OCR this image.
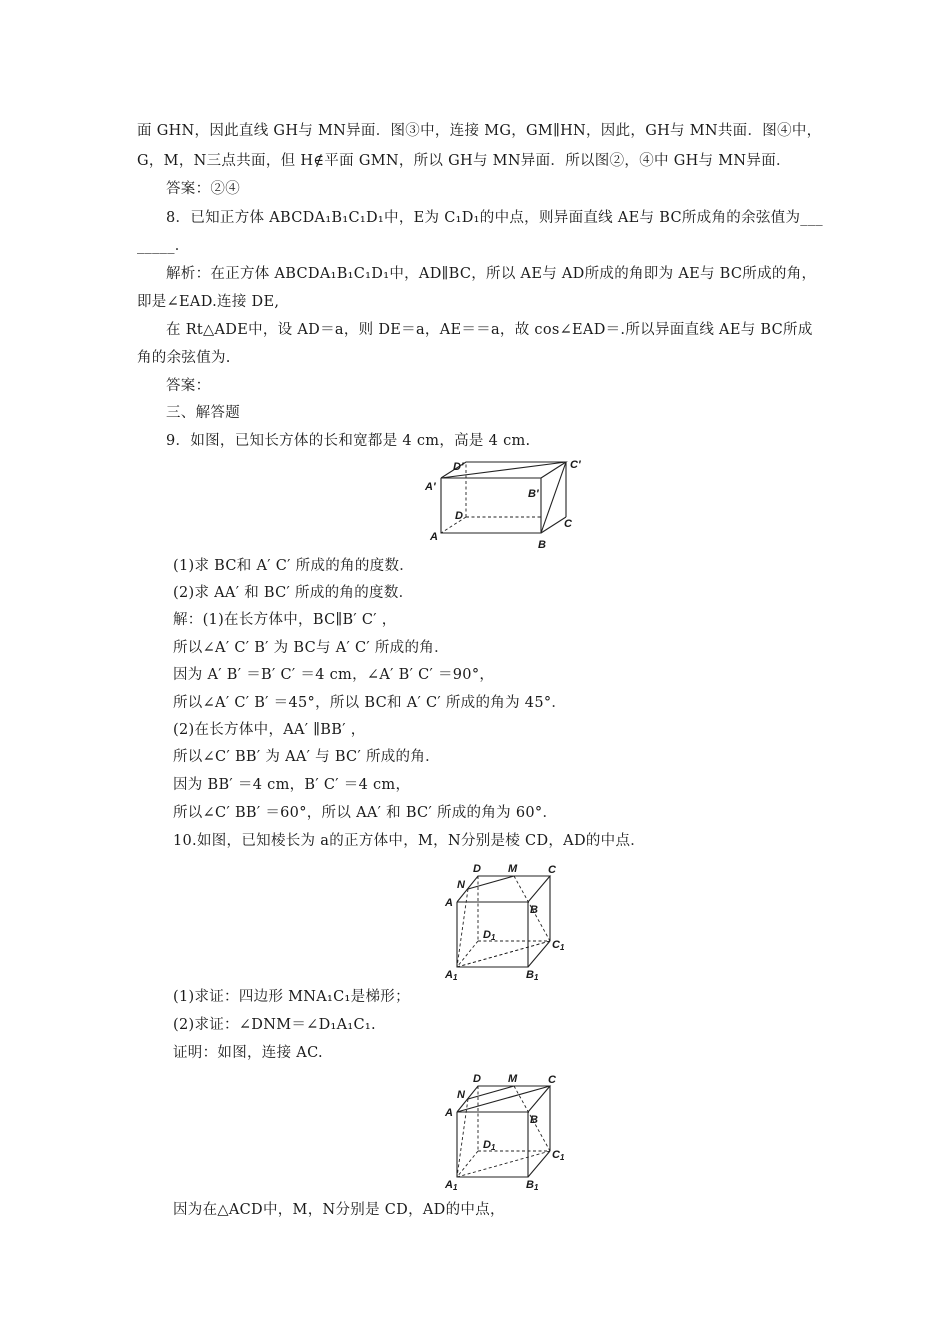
面 GHN，因此直线 GH与 MN异面．图③中，连接 MG，GM∥HN，因此，GH与 MN共面．图④中，
G，M，N三点共面，但 H∉平面 GMN，所以 GH与 MN异面．所以图②，④中 GH与 MN异面．
答案：②④
8．已知正方体 ABCDA₁B₁C₁D₁中，E为 C₁D₁的中点，则异面直线 AE与 BC所成角的余弦值为___
_____．
解析：在正方体 ABCDA₁B₁C₁D₁中，AD∥BC，所以 AE与 AD所成的角即为 AE与 BC所成的角，
即是∠EAD.连接 DE,
在 Rt△ADE中，设 AD＝a，则 DE＝a，AE＝＝a，故 cos∠EAD＝.所以异面直线 AE与 BC所成
角的余弦值为.
答案：
三、解答题
9．如图，已知长方体的长和宽都是 4 cm，高是 4 cm.
D′	C′
A′
B′
D
C
A
B
(1)求 BC和 A′ C′ 所成的角的度数．
(2)求 AA′ 和 BC′ 所成的角的度数．
解：(1)在长方体中，BC∥B′ C′ ，
所以∠A′ C′ B′ 为 BC与 A′ C′ 所成的角．
因为 A′ B′ ＝B′ C′ ＝4 cm，∠A′ B′ C′ ＝90°，
所以∠A′ C′ B′ ＝45°，所以 BC和 A′ C′ 所成的角为 45°．
(2)在长方体中，AA′ ∥BB′ ，
所以∠C′ BB′ 为 AA′ 与 BC′ 所成的角．
因为 BB′ ＝4 cm，B′ C′ ＝4 cm，
所以∠C′ BB′ ＝60°，所以 AA′ 和 BC′ 所成的角为 60°．
10.如图，已知棱长为 a的正方体中，M，N分别是棱 CD，AD的中点．
D M	C
N
A
B
D 1
C 1
A 1	B 1
(1)求证：四边形 MNA₁C₁是梯形；
(2)求证：∠DNM＝∠D₁A₁C₁.
证明：如图，连接 AC.
D M	C
N
A
B
D 1
C 1
A 1	B 1
因为在△ACD中，M，N分别是 CD，AD的中点，
